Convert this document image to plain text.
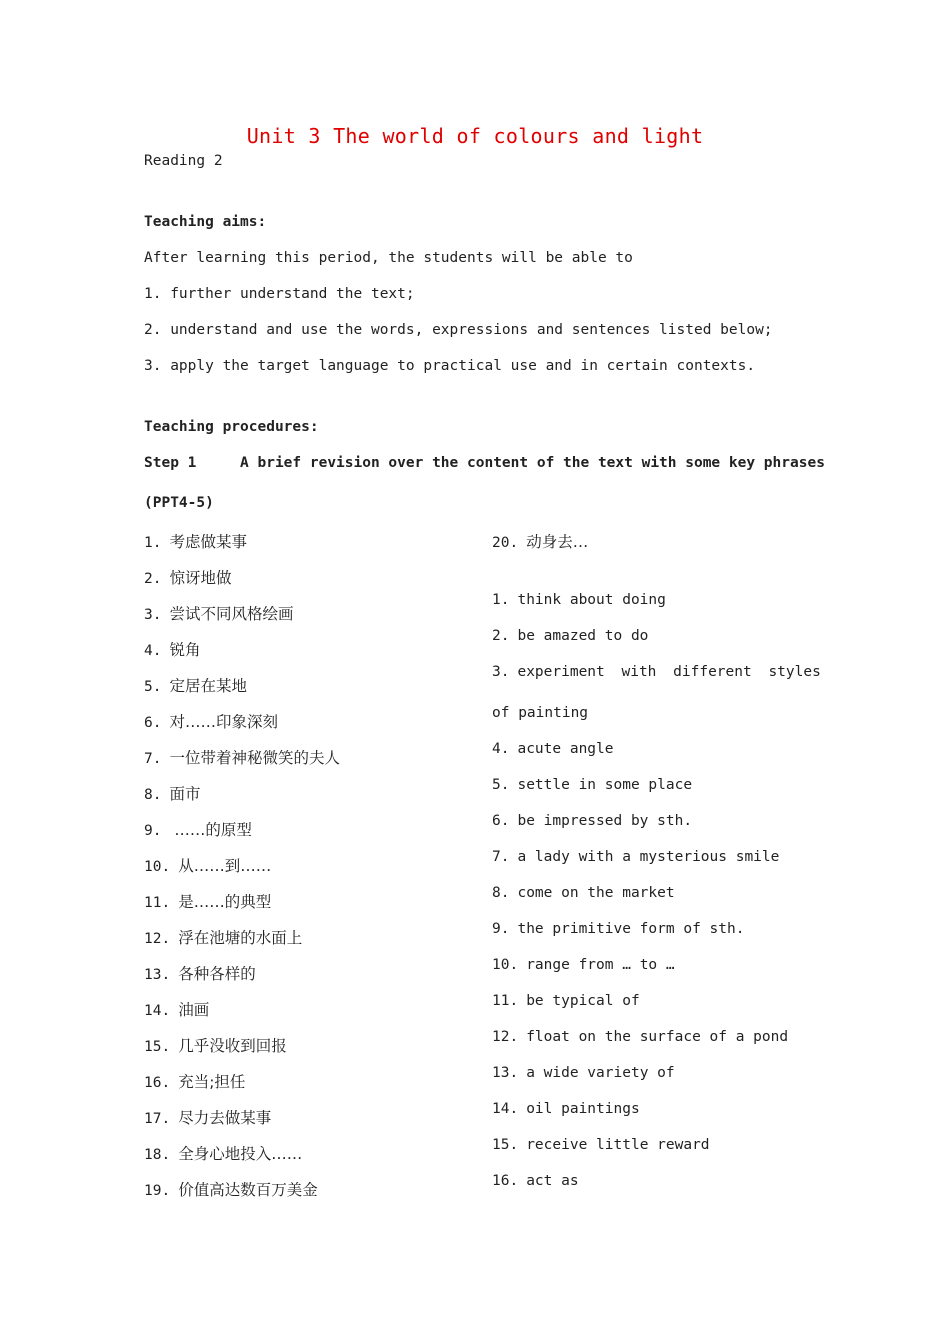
Unit 3 The world of colours and light
Reading 2
Teaching aims:
After learning this period, the students will be able to
1. further understand the text;
2. understand and use the words, expressions and sentences listed below;
3. apply the target language to practical use and in certain contexts.
Teaching procedures:
Step 1     A brief revision over the content of the text with some key phrases
(PPT4-5)
1. 考虑做某事
2. 惊讶地做
3. 尝试不同风格绘画
4. 锐角
5. 定居在某地
6. 对……印象深刻
7. 一位带着神秘微笑的夫人
8. 面市
9. ……的原型
10. 从……到……
11. 是……的典型
12. 浮在池塘的水面上
13. 各种各样的
14. 油画
15. 几乎没收到回报
16. 充当;担任
17. 尽力去做某事
18. 全身心地投入……
19. 价值高达数百万美金
20. 动身去…
1. think about doing
2. be amazed to do
3. experiment with different styles
of painting
4. acute angle
5. settle in some place
6. be impressed by sth.
7. a lady with a mysterious smile
8. come on the market
9. the primitive form of sth.
10. range from … to …
11. be typical of
12. float on the surface of a pond
13. a wide variety of
14. oil paintings
15. receive little reward
16. act as
